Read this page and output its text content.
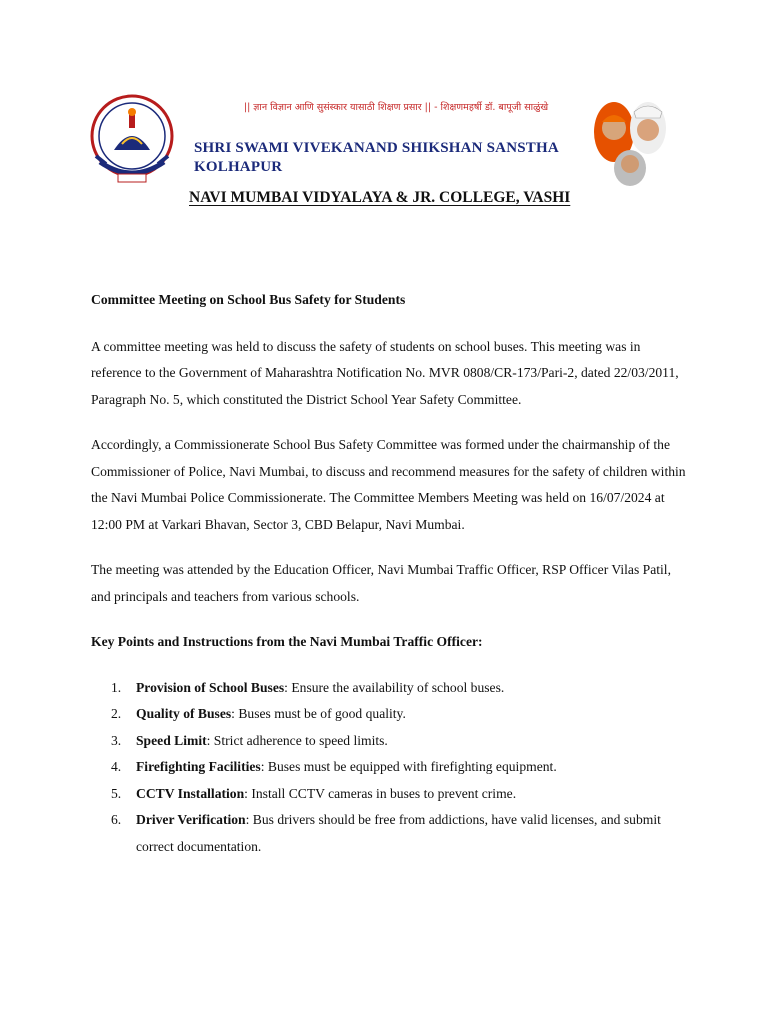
|| ज्ञान विज्ञान आणि सुसंस्कार यासाठी शिक्षण प्रसार || - शिक्षणमहर्षी डॉ. बापूजी साळुंखे
SHRI SWAMI VIVEKANAND SHIKSHAN SANSTHA
KOLHAPUR
NAVI MUMBAI VIDYALAYA & JR. COLLEGE, VASHI

Committee Meeting on School Bus Safety for Students

A committee meeting was held to discuss the safety of students on school buses. This meeting was in reference to the Government of Maharashtra Notification No. MVR 0808/CR-173/Pari-2, dated 22/03/2011, Paragraph No. 5, which constituted the District School Year Safety Committee.

Accordingly, a Commissionerate School Bus Safety Committee was formed under the chairmanship of the Commissioner of Police, Navi Mumbai, to discuss and recommend measures for the safety of children within the Navi Mumbai Police Commissionerate. The Committee Members Meeting was held on 16/07/2024 at 12:00 PM at Varkari Bhavan, Sector 3, CBD Belapur, Navi Mumbai.

The meeting was attended by the Education Officer, Navi Mumbai Traffic Officer, RSP Officer Vilas Patil, and principals and teachers from various schools.

Key Points and Instructions from the Navi Mumbai Traffic Officer:

1. Provision of School Buses: Ensure the availability of school buses.
2. Quality of Buses: Buses must be of good quality.
3. Speed Limit: Strict adherence to speed limits.
4. Firefighting Facilities: Buses must be equipped with firefighting equipment.
5. CCTV Installation: Install CCTV cameras in buses to prevent crime.
6. Driver Verification: Bus drivers should be free from addictions, have valid licenses, and submit correct documentation.
